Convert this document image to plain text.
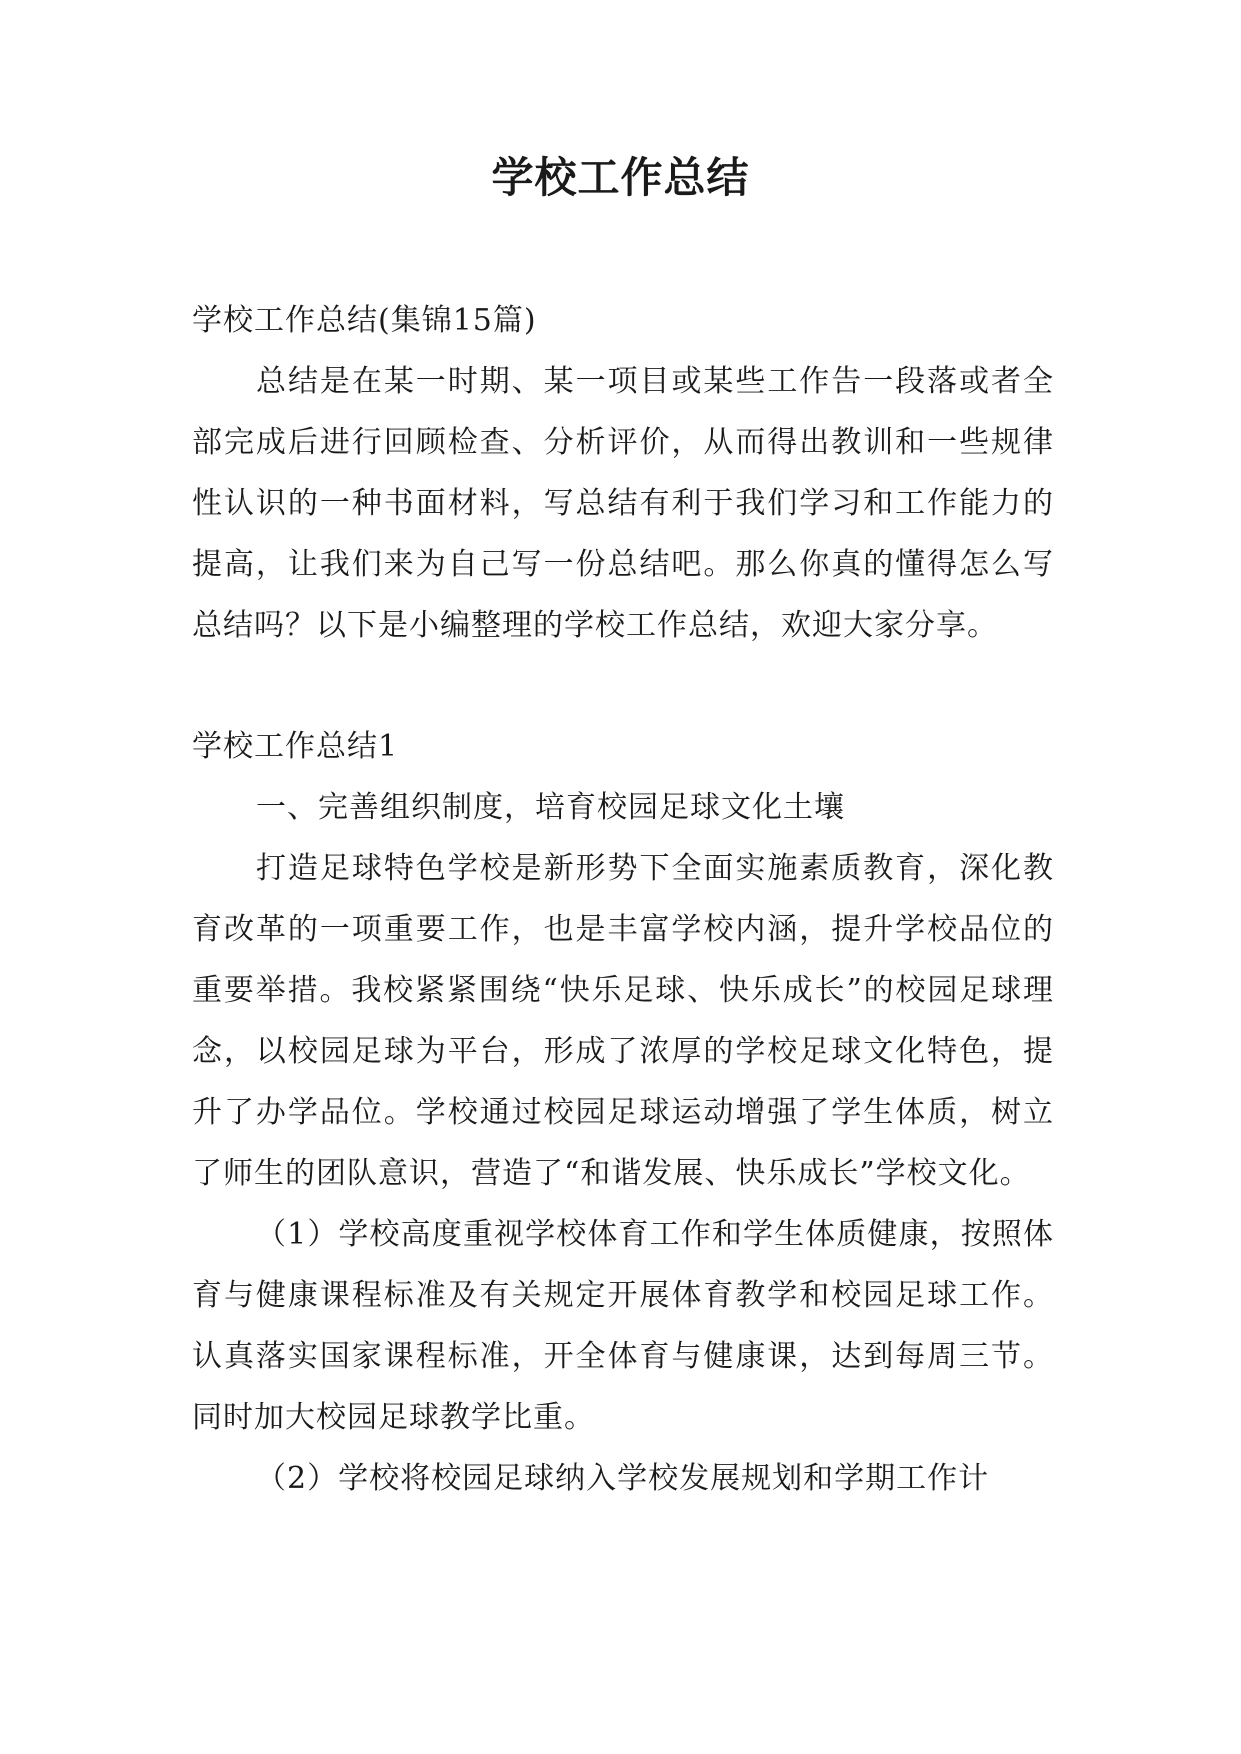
学校工作总结

学校工作总结(集锦15篇)

总结是在某一时期、某一项目或某些工作告一段落或者全部完成后进行回顾检查、分析评价，从而得出教训和一些规律性认识的一种书面材料，写总结有利于我们学习和工作能力的提高，让我们来为自己写一份总结吧。那么你真的懂得怎么写总结吗？以下是小编整理的学校工作总结，欢迎大家分享。

学校工作总结1

一、完善组织制度，培育校园足球文化土壤

打造足球特色学校是新形势下全面实施素质教育，深化教育改革的一项重要工作，也是丰富学校内涵，提升学校品位的重要举措。我校紧紧围绕“快乐足球、快乐成长”的校园足球理念，以校园足球为平台，形成了浓厚的学校足球文化特色，提升了办学品位。学校通过校园足球运动增强了学生体质，树立了师生的团队意识，营造了“和谐发展、快乐成长”学校文化。

（1）学校高度重视学校体育工作和学生体质健康，按照体育与健康课程标准及有关规定开展体育教学和校园足球工作。认真落实国家课程标准，开全体育与健康课，达到每周三节。同时加大校园足球教学比重。

（2）学校将校园足球纳入学校发展规划和学期工作计
